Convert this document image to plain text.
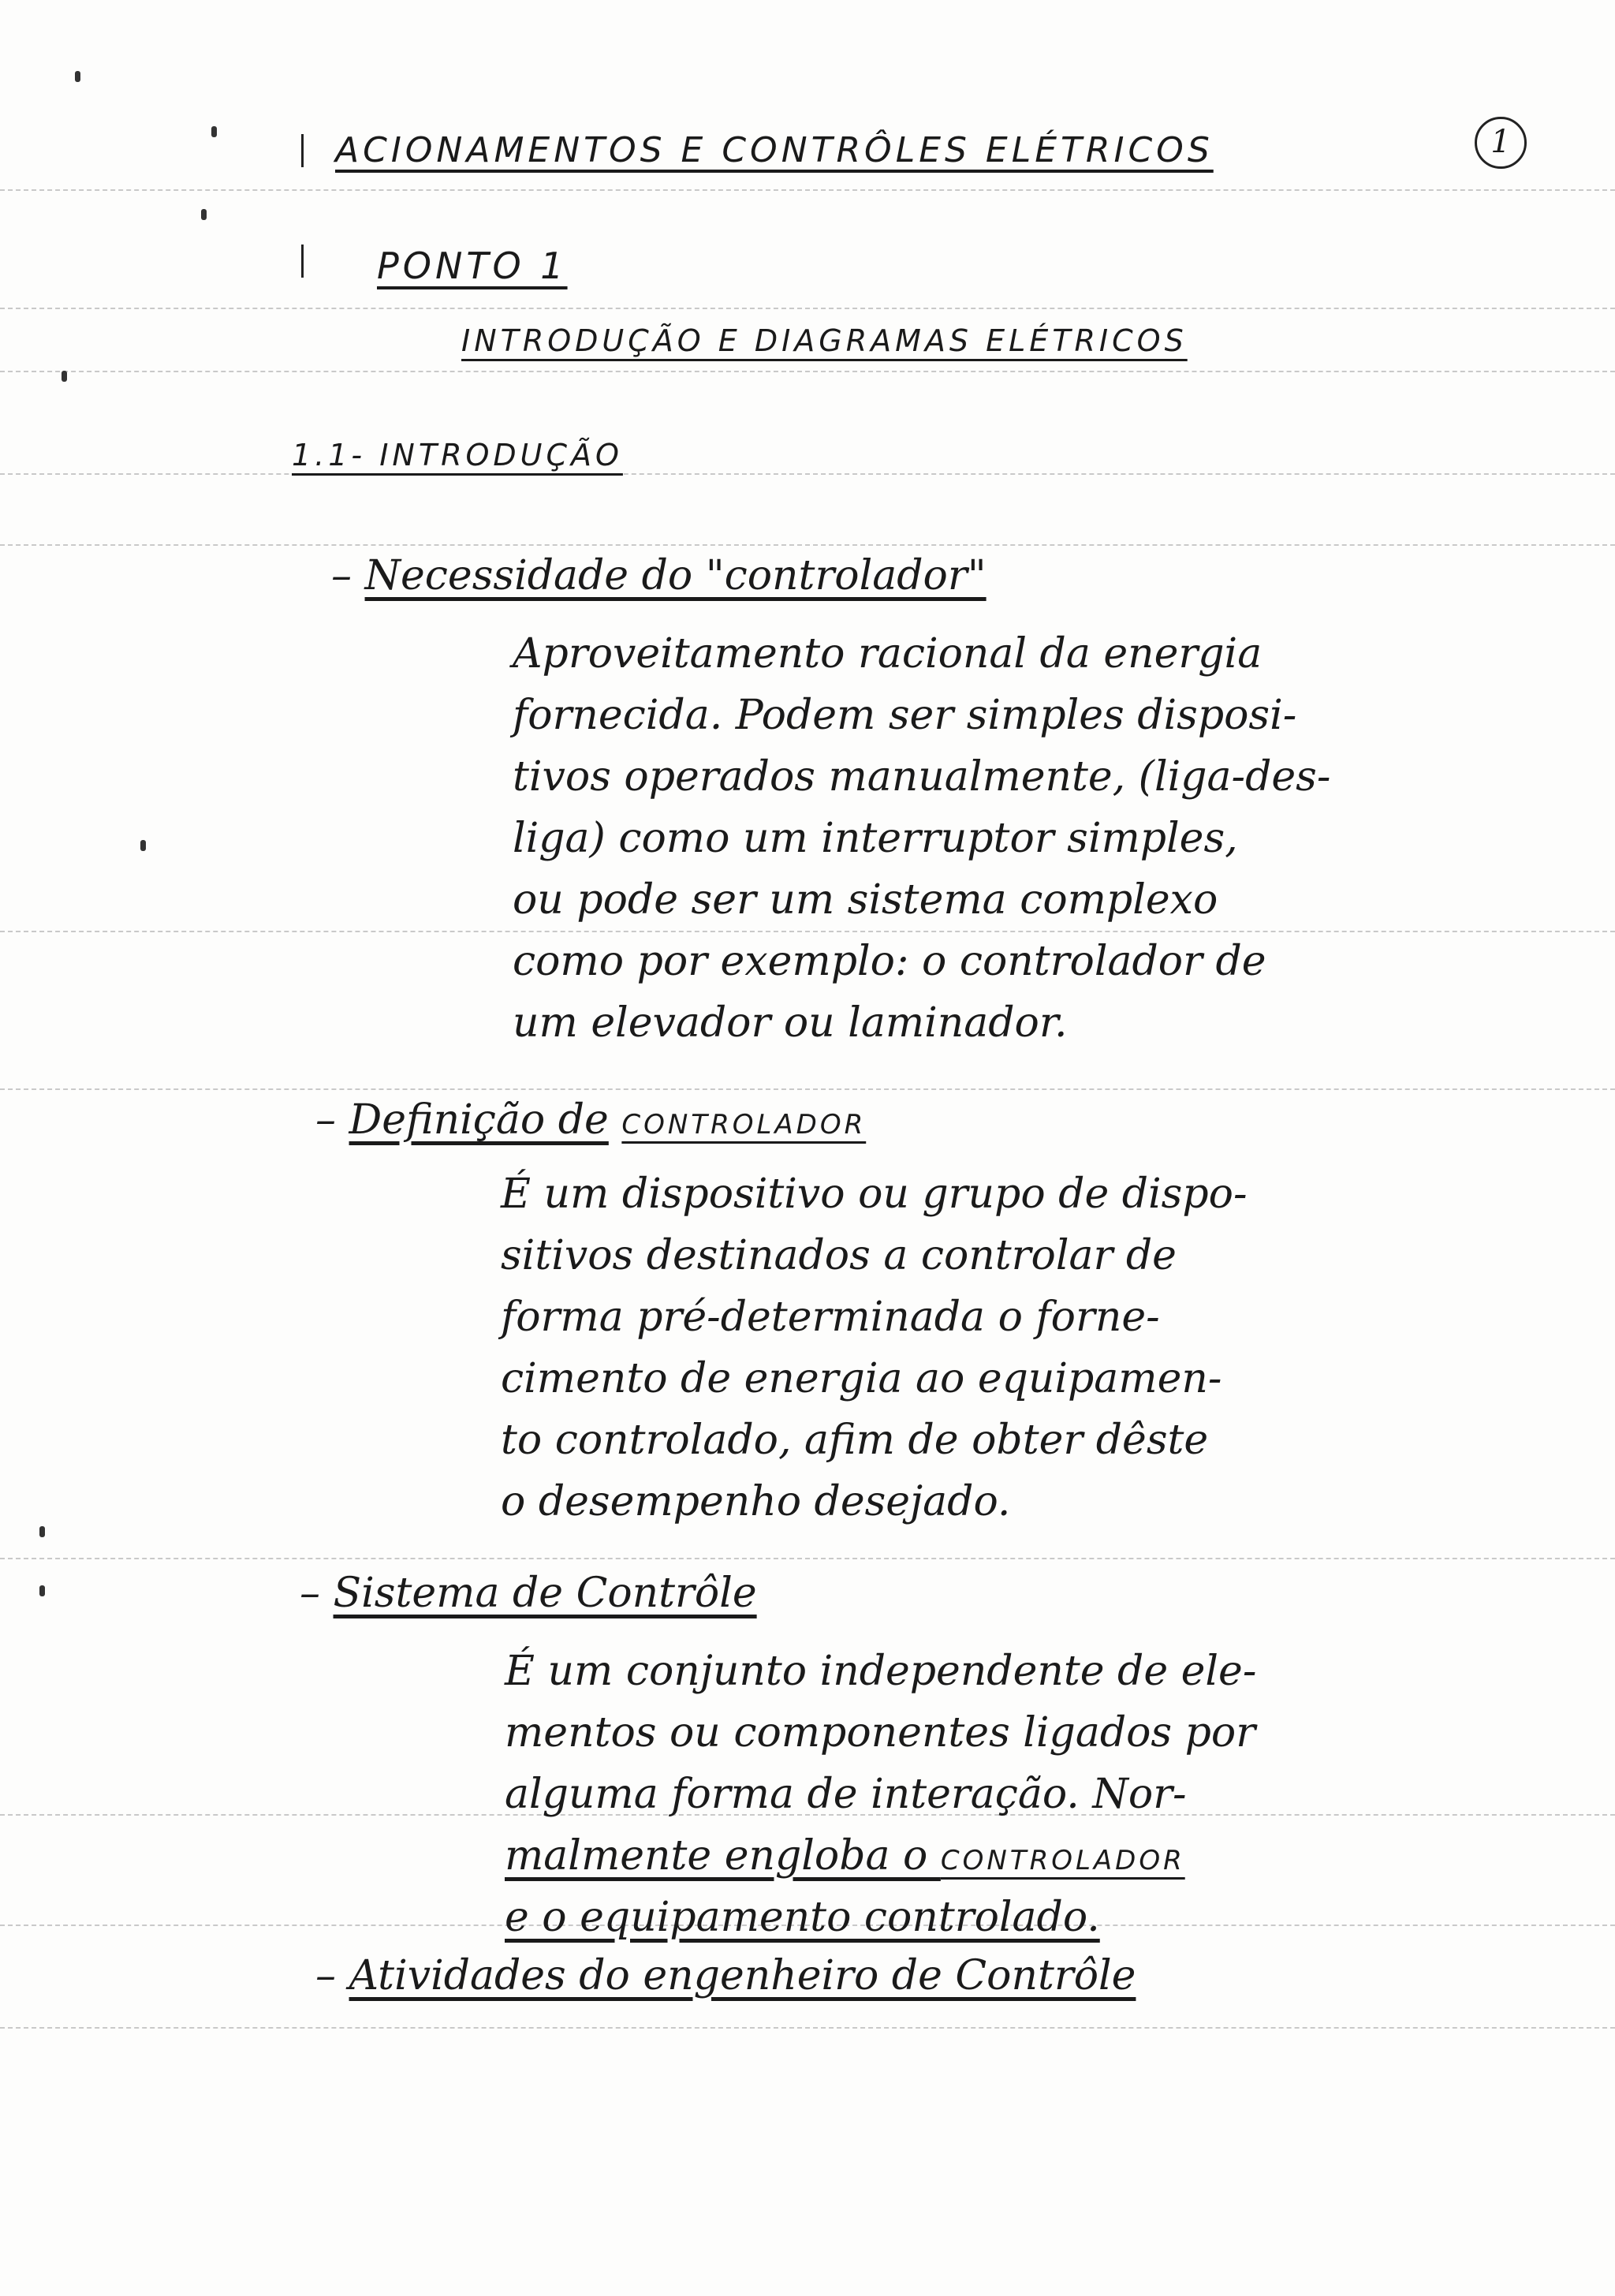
1
ACIONAMENTOS E CONTRÔLES ELÉTRICOS
PONTO 1
INTRODUÇÃO E DIAGRAMAS ELÉTRICOS
1.1- INTRODUÇÃO
– Necessidade do "controlador"
Aproveitamento racional da energia
fornecida. Podem ser simples disposi-
tivos operados manualmente, (liga-des-
liga) como um interruptor simples,
ou pode ser um sistema complexo
como por exemplo: o controlador de
um elevador ou laminador.
– Definição de CONTROLADOR
É um dispositivo ou grupo de dispo-
sitivos destinados a controlar de
forma pré-determinada o forne-
cimento de energia ao equipamen-
to controlado, afim de obter dêste
o desempenho desejado.
– Sistema de Contrôle
É um conjunto independente de ele-
mentos ou componentes ligados por
alguma forma de interação. Nor-
malmente engloba o CONTROLADOR
e o equipamento controlado.
– Atividades do engenheiro de Contrôle
